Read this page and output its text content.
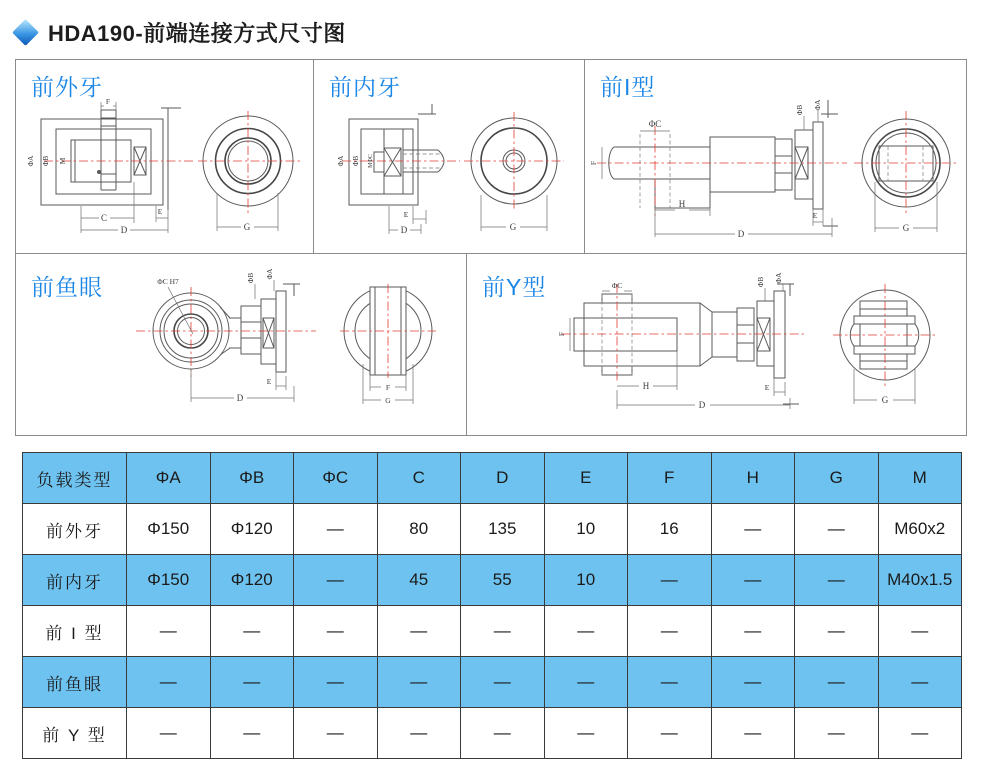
HDA190-前端连接方式尺寸图
前外牙
F
C
E
D
ΦA ΦB M
G
前内牙
E
D
ΦA ΦB MΦC
G
前I型
ΦC
F
H
E
D
ΦB ΦA
G
前鱼眼	ΦC H7
E
D
ΦB ΦA
F
G
前Y型	ΦC
F
H	E
D
ΦB ΦA
G
负载类型	ΦA	ΦB	ΦC	C	D	E	F	H	G	M
前外牙	Φ150	Φ120	—	80	135	10	16	—	—	M60x2
前内牙	Φ150	Φ120	—	45	55	10	—	—	—	M40x1.5
前 I 型	—	—	—	—	—	—	—	—	—	—
前鱼眼	—	—	—	—	—	—	—	—	—	—
前 Y 型	—	—	—	—	—	—	—	—	—	—
